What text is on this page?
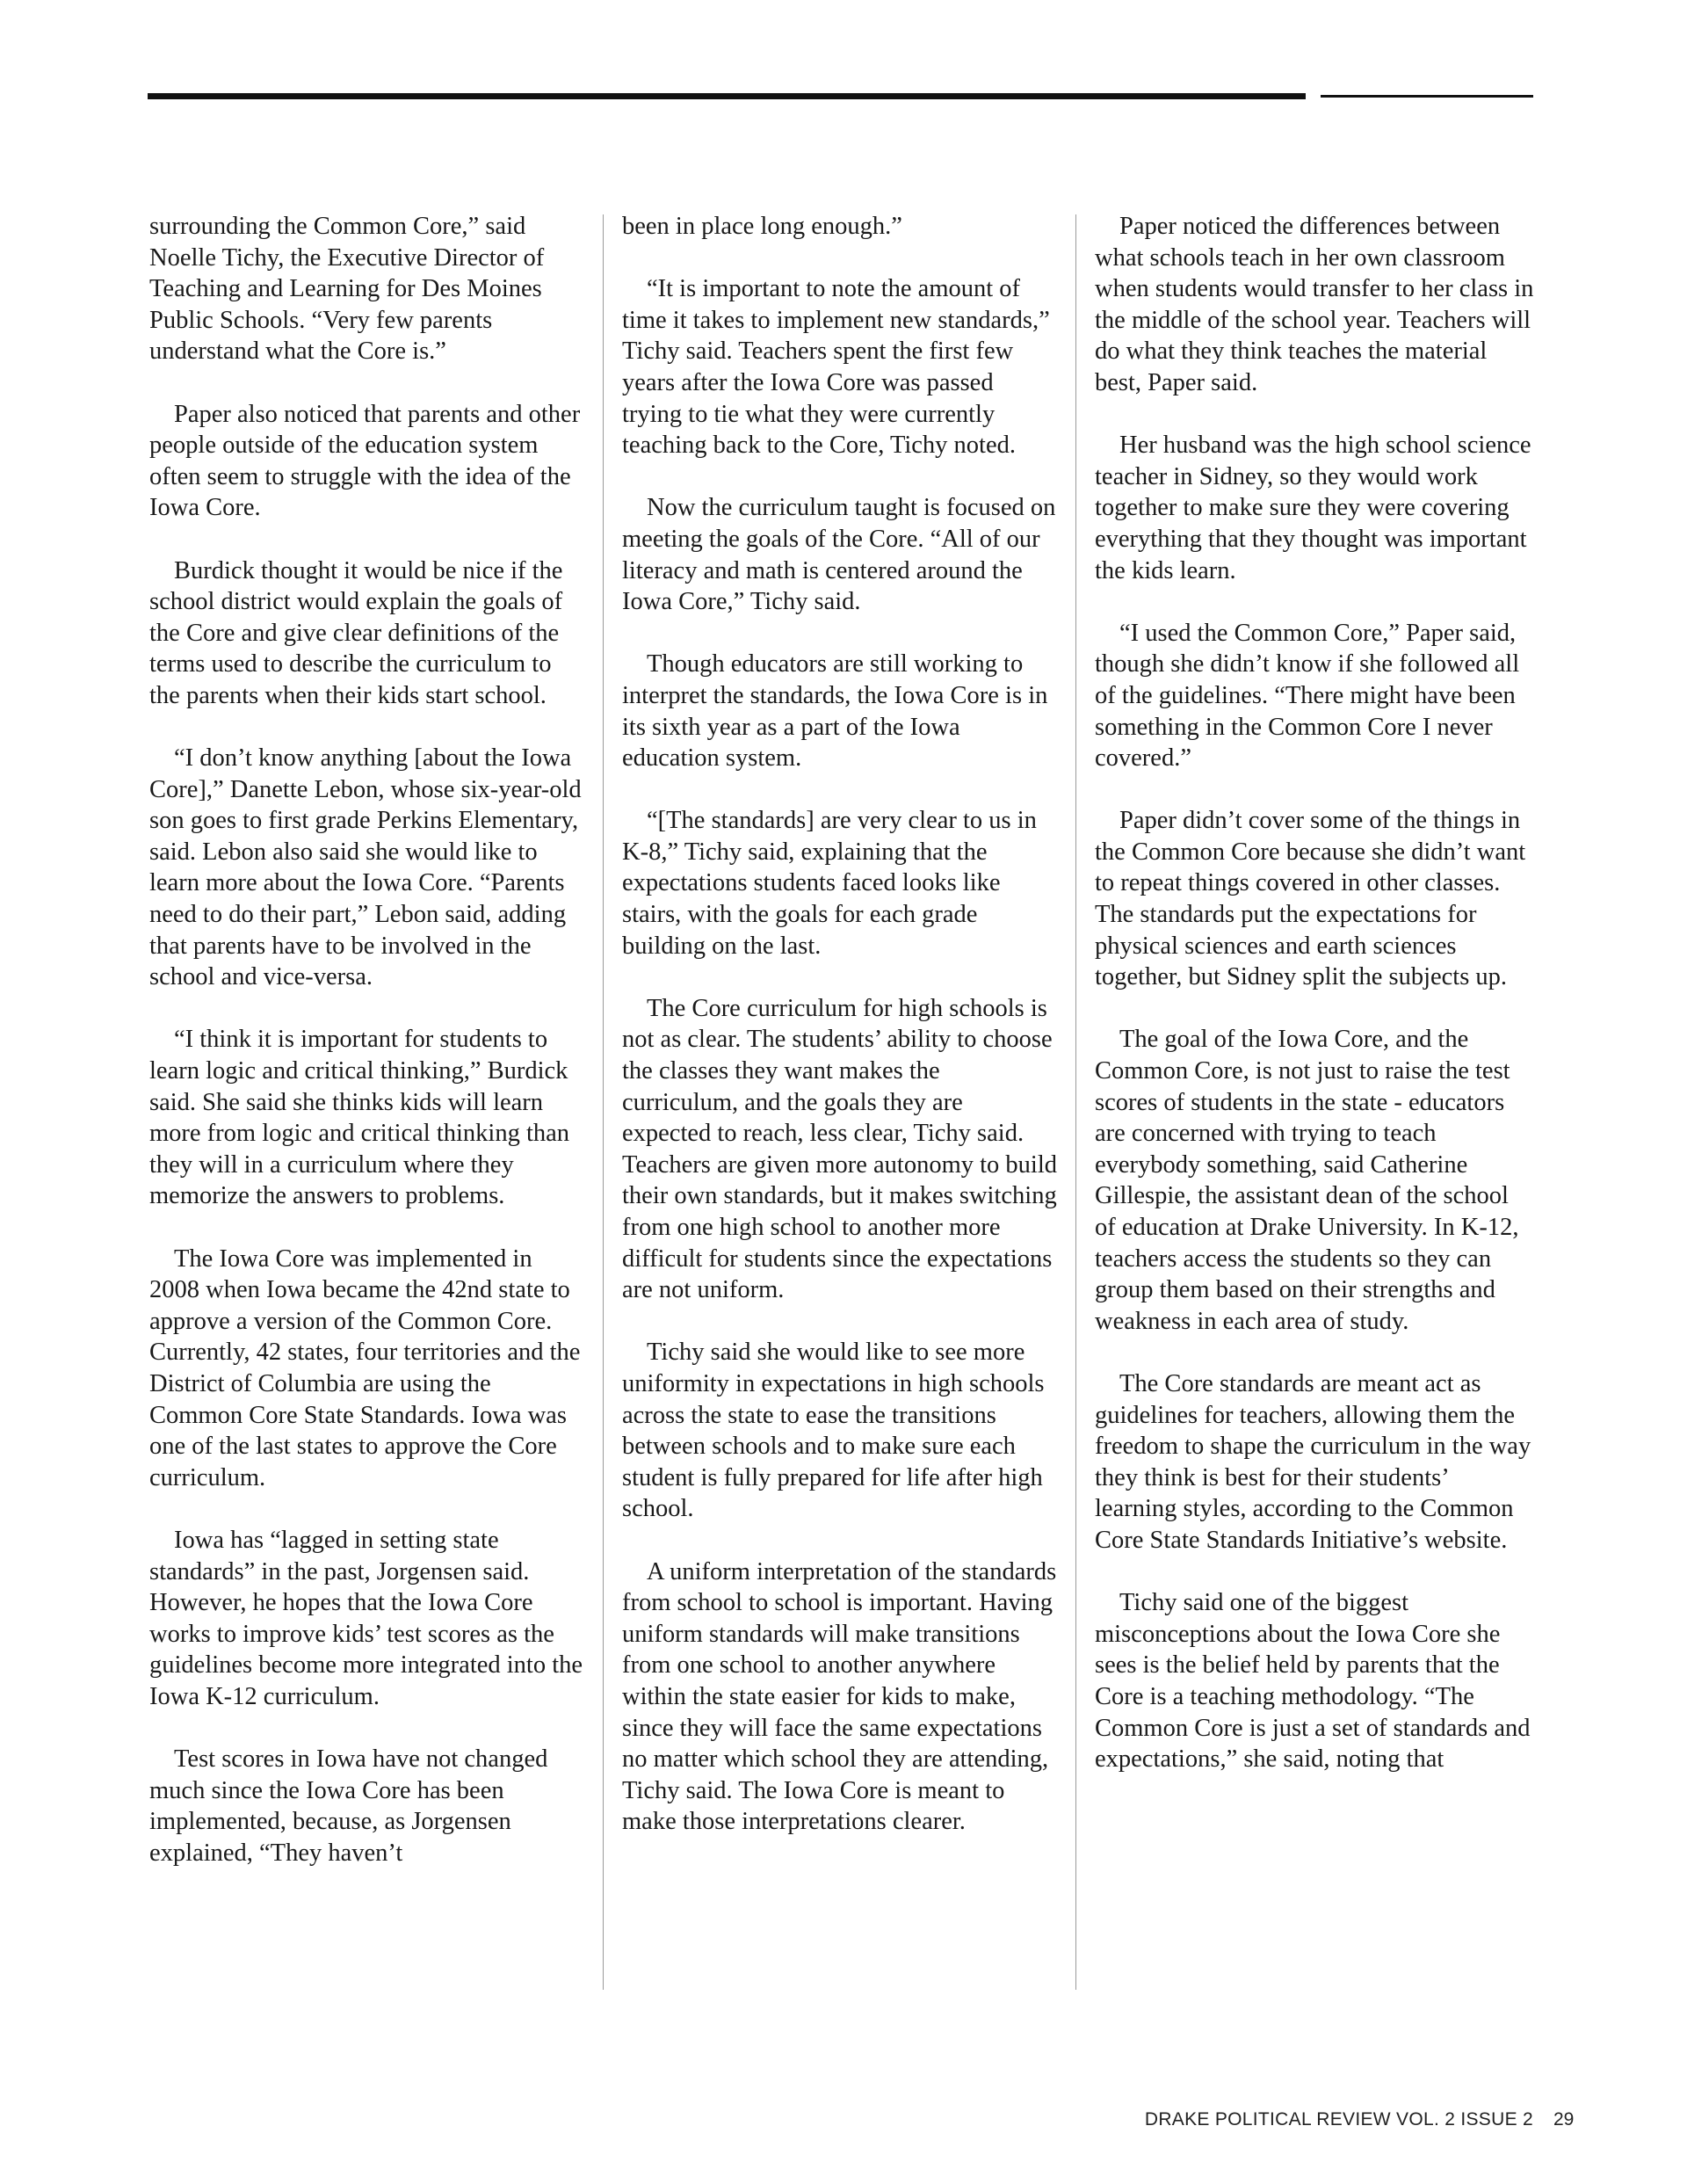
surrounding the Common Core,” said Noelle Tichy, the Executive Director of Teaching and Learning for Des Moines Public Schools. “Very few parents understand what the Core is.”

Paper also noticed that parents and other people outside of the education system often seem to struggle with the idea of the Iowa Core.

Burdick thought it would be nice if the school district would explain the goals of the Core and give clear definitions of the terms used to describe the curriculum to the parents when their kids start school.

“I don’t know anything [about the Iowa Core],” Danette Lebon, whose six-year-old son goes to first grade Perkins Elementary, said. Lebon also said she would like to learn more about the Iowa Core. “Parents need to do their part,” Lebon said, adding that parents have to be involved in the school and vice-versa.

“I think it is important for students to learn logic and critical thinking,” Burdick said. She said she thinks kids will learn more from logic and critical thinking than they will in a curriculum where they memorize the answers to problems.

The Iowa Core was implemented in 2008 when Iowa became the 42nd state to approve a version of the Common Core. Currently, 42 states, four territories and the District of Columbia are using the Common Core State Standards. Iowa was one of the last states to approve the Core curriculum.

Iowa has “lagged in setting state standards” in the past, Jorgensen said. However, he hopes that the Iowa Core works to improve kids’ test scores as the guidelines become more integrated into the Iowa K-12 curriculum.

Test scores in Iowa have not changed much since the Iowa Core has been implemented, because, as Jorgensen explained, “They haven’t

been in place long enough.”

“It is important to note the amount of time it takes to implement new standards,” Tichy said. Teachers spent the first few years after the Iowa Core was passed trying to tie what they were currently teaching back to the Core, Tichy noted.

Now the curriculum taught is focused on meeting the goals of the Core. “All of our literacy and math is centered around the Iowa Core,” Tichy said.

Though educators are still working to interpret the standards, the Iowa Core is in its sixth year as a part of the Iowa education system.

“[The standards] are very clear to us in K-8,” Tichy said, explaining that the expectations students faced looks like stairs, with the goals for each grade building on the last.

The Core curriculum for high schools is not as clear. The students’ ability to choose the classes they want makes the curriculum, and the goals they are expected to reach, less clear, Tichy said. Teachers are given more autonomy to build their own standards, but it makes switching from one high school to another more difficult for students since the expectations are not uniform.

Tichy said she would like to see more uniformity in expectations in high schools across the state to ease the transitions between schools and to make sure each student is fully prepared for life after high school.

A uniform interpretation of the standards from school to school is important. Having uniform standards will make transitions from one school to another anywhere within the state easier for kids to make, since they will face the same expectations no matter which school they are attending, Tichy said. The Iowa Core is meant to make those interpretations clearer.

Paper noticed the differences between what schools teach in her own classroom when students would transfer to her class in the middle of the school year. Teachers will do what they think teaches the material best, Paper said.

Her husband was the high school science teacher in Sidney, so they would work together to make sure they were covering everything that they thought was important the kids learn.

“I used the Common Core,” Paper said, though she didn’t know if she followed all of the guidelines. “There might have been something in the Common Core I never covered.”

Paper didn’t cover some of the things in the Common Core because she didn’t want to repeat things covered in other classes. The standards put the expectations for physical sciences and earth sciences together, but Sidney split the subjects up.

The goal of the Iowa Core, and the Common Core, is not just to raise the test scores of students in the state - educators are concerned with trying to teach everybody something, said Catherine Gillespie, the assistant dean of the school of education at Drake University. In K-12, teachers access the students so they can group them based on their strengths and weakness in each area of study.

The Core standards are meant act as guidelines for teachers, allowing them the freedom to shape the curriculum in the way they think is best for their students’ learning styles, according to the Common Core State Standards Initiative’s website.

Tichy said one of the biggest misconceptions about the Iowa Core she sees is the belief held by parents that the Core is a teaching methodology. “The Common Core is just a set of standards and expectations,” she said, noting that

DRAKE POLITICAL REVIEW VOL. 2 ISSUE 2 29
